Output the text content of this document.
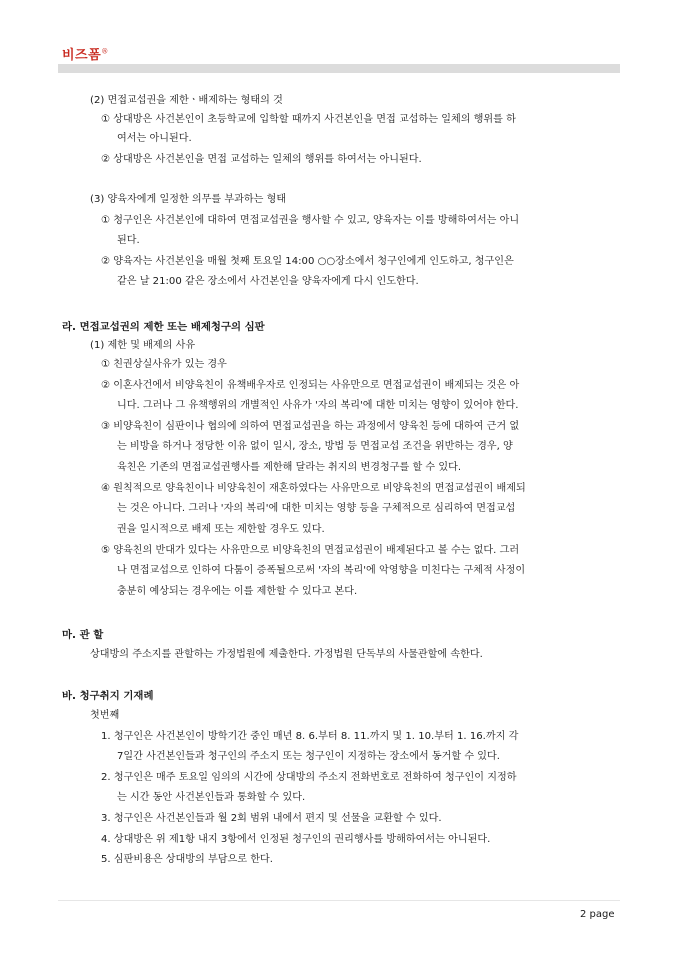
비즈폼®
(2) 면접교섭권을 제한ㆍ배제하는 형태의 것
① 상대방은 사건본인이 초등학교에 입학할 때까지 사건본인을 면접 교섭하는 일체의 행위를 하
여서는 아니된다.
② 상대방은 사건본인을 면접 교섭하는 일체의 행위를 하여서는 아니된다.
(3) 양육자에게 일정한 의무를 부과하는 형태
① 청구인은 사건본인에 대하여 면접교섭권을 행사할 수 있고, 양육자는 이를 방해하여서는 아니
된다.
② 양육자는 사건본인을 매월 첫째 토요일 14:00 ○○장소에서 청구인에게 인도하고, 청구인은
같은 날 21:00 같은 장소에서 사건본인을 양육자에게 다시 인도한다.
라. 면접교섭권의 제한 또는 배제청구의 심판
(1) 제한 및 배제의 사유
① 친권상실사유가 있는 경우
② 이혼사건에서 비양육친이 유책배우자로 인정되는 사유만으로 면접교섭권이 배제되는 것은 아
니다. 그러나 그 유책행위의 개별적인 사유가 '자의 복리'에 대한 미치는 영향이 있어야 한다.
③ 비양육친이 심판이나 협의에 의하여 면접교섭권을 하는 과정에서 양육친 등에 대하여 근거 없
는 비방을 하거나 정당한 이유 없이 일시, 장소, 방법 등 면접교섭 조건을 위반하는 경우, 양
육친은 기존의 면접교섭권행사를 제한해 달라는 취지의 변경청구를 할 수 있다.
④ 원칙적으로 양육친이나 비양육친이 재혼하였다는 사유만으로 비양육친의 면접교섭권이 배제되
는 것은 아니다. 그러나 '자의 복리'에 대한 미치는 영향 등을 구체적으로 심리하여 면접교섭
권을 일시적으로 배제 또는 제한할 경우도 있다.
⑤ 양육친의 반대가 있다는 사유만으로 비양육친의 면접교섭권이 배제된다고 볼 수는 없다. 그러
나 면접교섭으로 인하여 다툼이 증폭될으로써 '자의 복리'에 악영향을 미친다는 구체적 사정이
충분히 예상되는 경우에는 이를 제한할 수 있다고 본다.
마. 관 할
상대방의 주소지를 관할하는 가정법원에 제출한다. 가정법원 단독부의 사물관할에 속한다.
바. 청구취지 기재례
첫번째
1. 청구인은 사건본인이 방학기간 중인 매년 8. 6.부터 8. 11.까지 및 1. 10.부터 1. 16.까지 각
7일간 사건본인들과 청구인의 주소지 또는 청구인이 지정하는 장소에서 동거할 수 있다.
2. 청구인은 매주 토요일 임의의 시간에 상대방의 주소지 전화번호로 전화하여 청구인이 지정하
는 시간 동안 사건본인들과 통화할 수 있다.
3. 청구인은 사건본인들과 월 2회 범위 내에서 편지 및 선물을 교환할 수 있다.
4. 상대방은 위 제1항 내지 3항에서 인정된 청구인의 권리행사를 방해하여서는 아니된다.
5. 심판비용은 상대방의 부담으로 한다.
2 page
